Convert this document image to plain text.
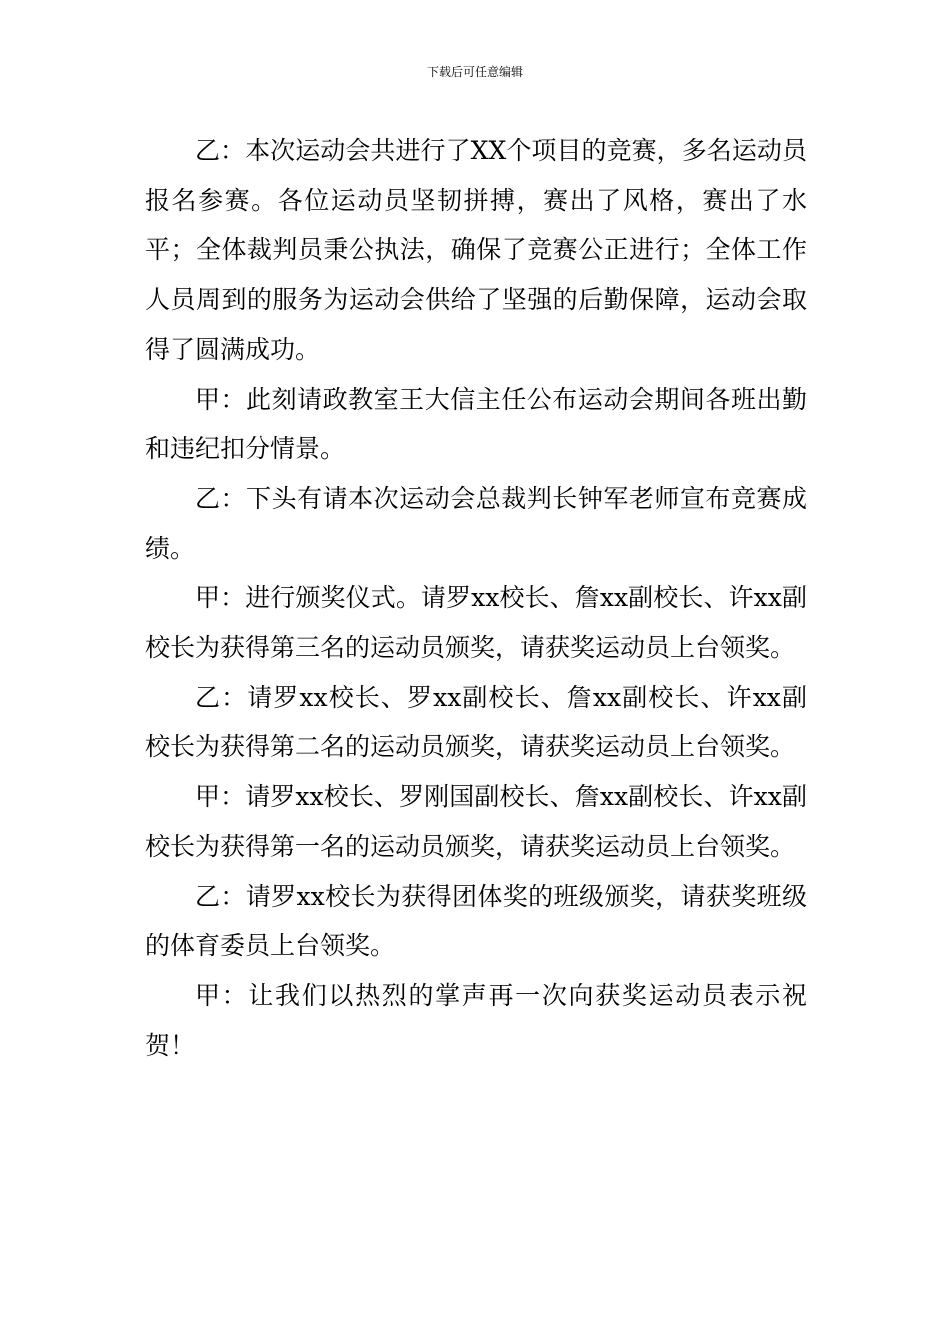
下载后可任意编辑

乙：本次运动会共进行了XX个项目的竞赛，多名运动员报名参赛。各位运动员坚韧拼搏，赛出了风格，赛出了水平；全体裁判员秉公执法，确保了竞赛公正进行；全体工作人员周到的服务为运动会供给了坚强的后勤保障，运动会取得了圆满成功。

甲：此刻请政教室王大信主任公布运动会期间各班出勤和违纪扣分情景。

乙：下头有请本次运动会总裁判长钟军老师宣布竞赛成绩。

甲：进行颁奖仪式。请罗xx校长、詹xx副校长、许xx副校长为获得第三名的运动员颁奖，请获奖运动员上台领奖。

乙：请罗xx校长、罗xx副校长、詹xx副校长、许xx副校长为获得第二名的运动员颁奖，请获奖运动员上台领奖。

甲：请罗xx校长、罗刚国副校长、詹xx副校长、许xx副校长为获得第一名的运动员颁奖，请获奖运动员上台领奖。

乙：请罗xx校长为获得团体奖的班级颁奖，请获奖班级的体育委员上台领奖。

甲：让我们以热烈的掌声再一次向获奖运动员表示祝贺！
